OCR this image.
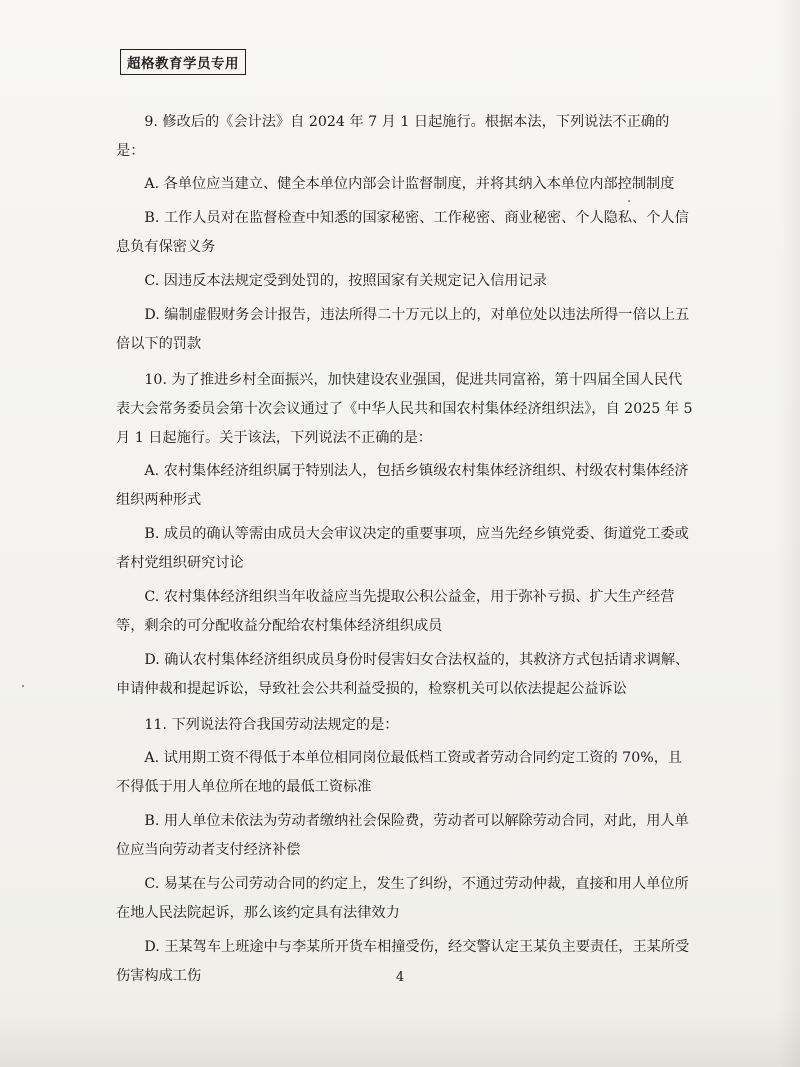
超格教育学员专用

9. 修改后的《会计法》自 2024 年 7 月 1 日起施行。根据本法，下列说法不正确的是：

A. 各单位应当建立、健全本单位内部会计监督制度，并将其纳入本单位内部控制制度

B. 工作人员对在监督检查中知悉的国家秘密、工作秘密、商业秘密、个人隐私、个人信息负有保密义务

C. 因违反本法规定受到处罚的，按照国家有关规定记入信用记录

D. 编制虚假财务会计报告，违法所得二十万元以上的，对单位处以违法所得一倍以上五倍以下的罚款

10. 为了推进乡村全面振兴，加快建设农业强国，促进共同富裕，第十四届全国人民代表大会常务委员会第十次会议通过了《中华人民共和国农村集体经济组织法》，自 2025 年 5 月 1 日起施行。关于该法，下列说法不正确的是：

A. 农村集体经济组织属于特别法人，包括乡镇级农村集体经济组织、村级农村集体经济组织两种形式

B. 成员的确认等需由成员大会审议决定的重要事项，应当先经乡镇党委、街道党工委或者村党组织研究讨论

C. 农村集体经济组织当年收益应当先提取公积公益金，用于弥补亏损、扩大生产经营等，剩余的可分配收益分配给农村集体经济组织成员

D. 确认农村集体经济组织成员身份时侵害妇女合法权益的，其救济方式包括请求调解、申请仲裁和提起诉讼，导致社会公共利益受损的，检察机关可以依法提起公益诉讼

11. 下列说法符合我国劳动法规定的是：

A. 试用期工资不得低于本单位相同岗位最低档工资或者劳动合同约定工资的 70%，且不得低于用人单位所在地的最低工资标准

B. 用人单位未依法为劳动者缴纳社会保险费，劳动者可以解除劳动合同，对此，用人单位应当向劳动者支付经济补偿

C. 易某在与公司劳动合同的约定上，发生了纠纷，不通过劳动仲裁，直接和用人单位所在地人民法院起诉，那么该约定具有法律效力

D. 王某驾车上班途中与李某所开货车相撞受伤，经交警认定王某负主要责任，王某所受伤害构成工伤	4
